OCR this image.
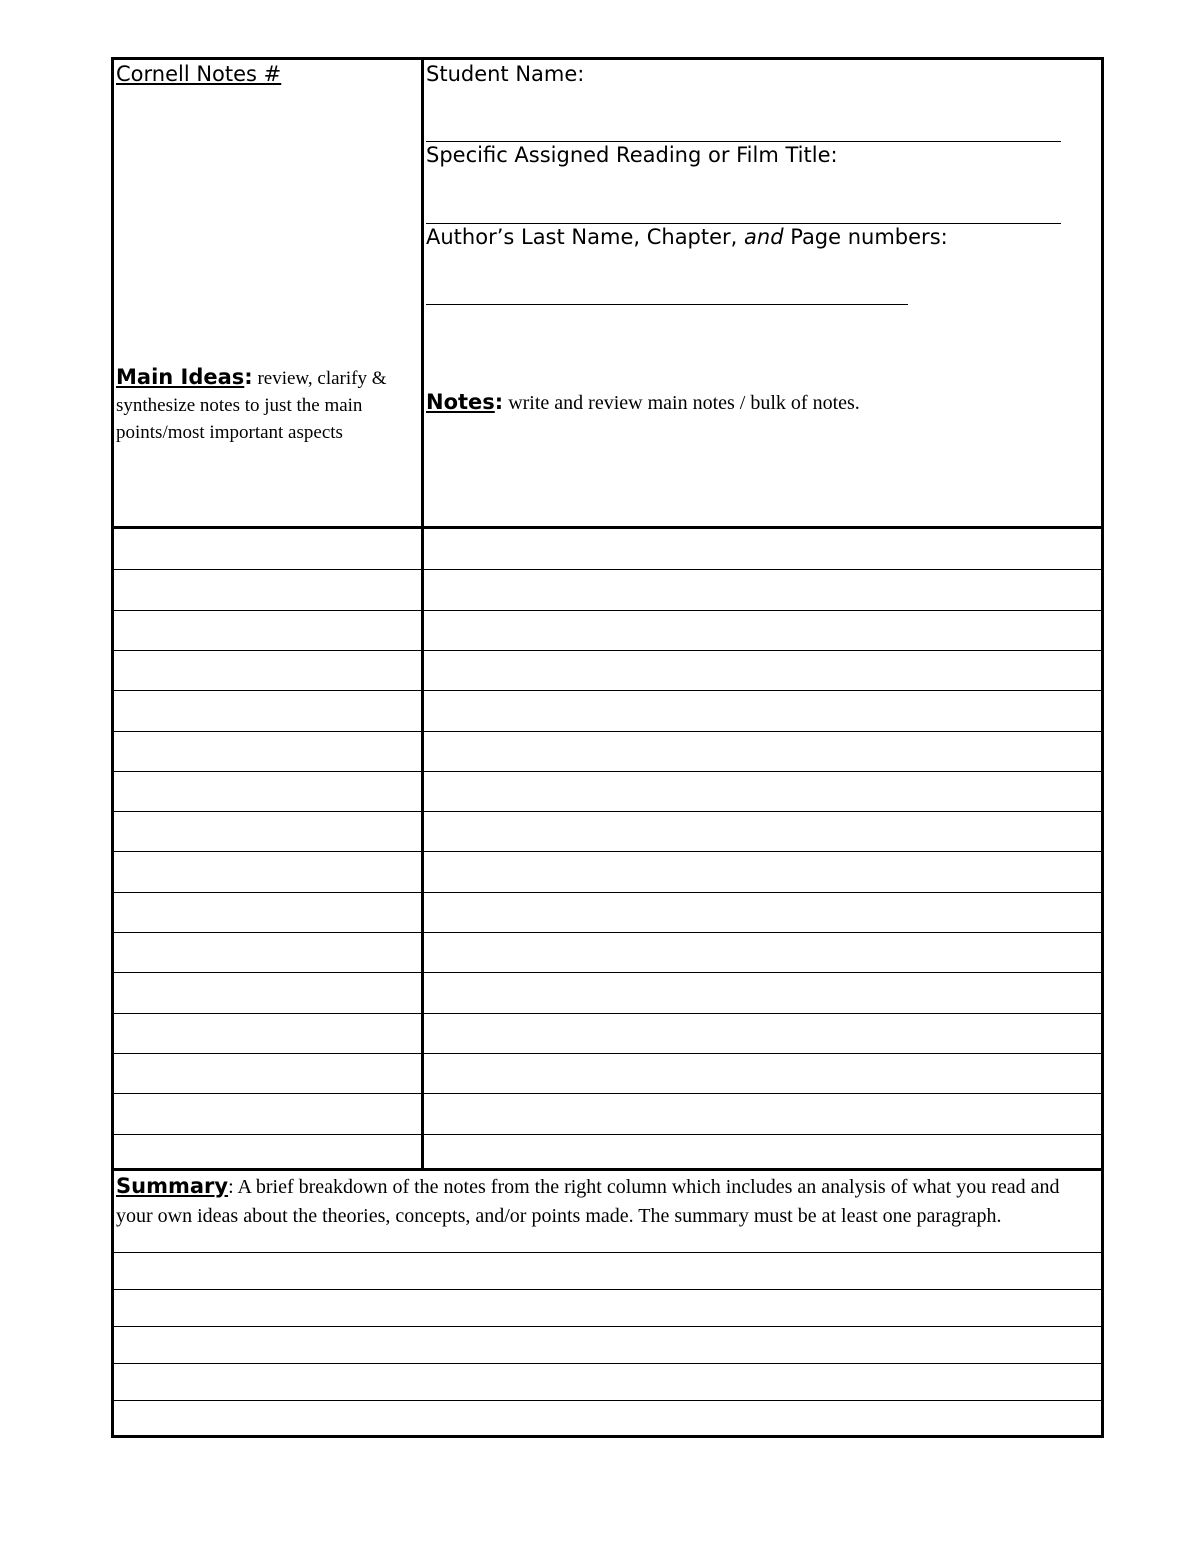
Cornell Notes #
Main Ideas: review, clarify & synthesize notes to just the main points/most important aspects
Student Name:
Specific Assigned Reading or Film Title:
Author’s Last Name, Chapter, and Page numbers:
Notes: write and review main notes / bulk of notes.
Summary: A brief breakdown of the notes from the right column which includes an analysis of what you read and your own ideas about the theories, concepts, and/or points made. The summary must be at least one paragraph.
